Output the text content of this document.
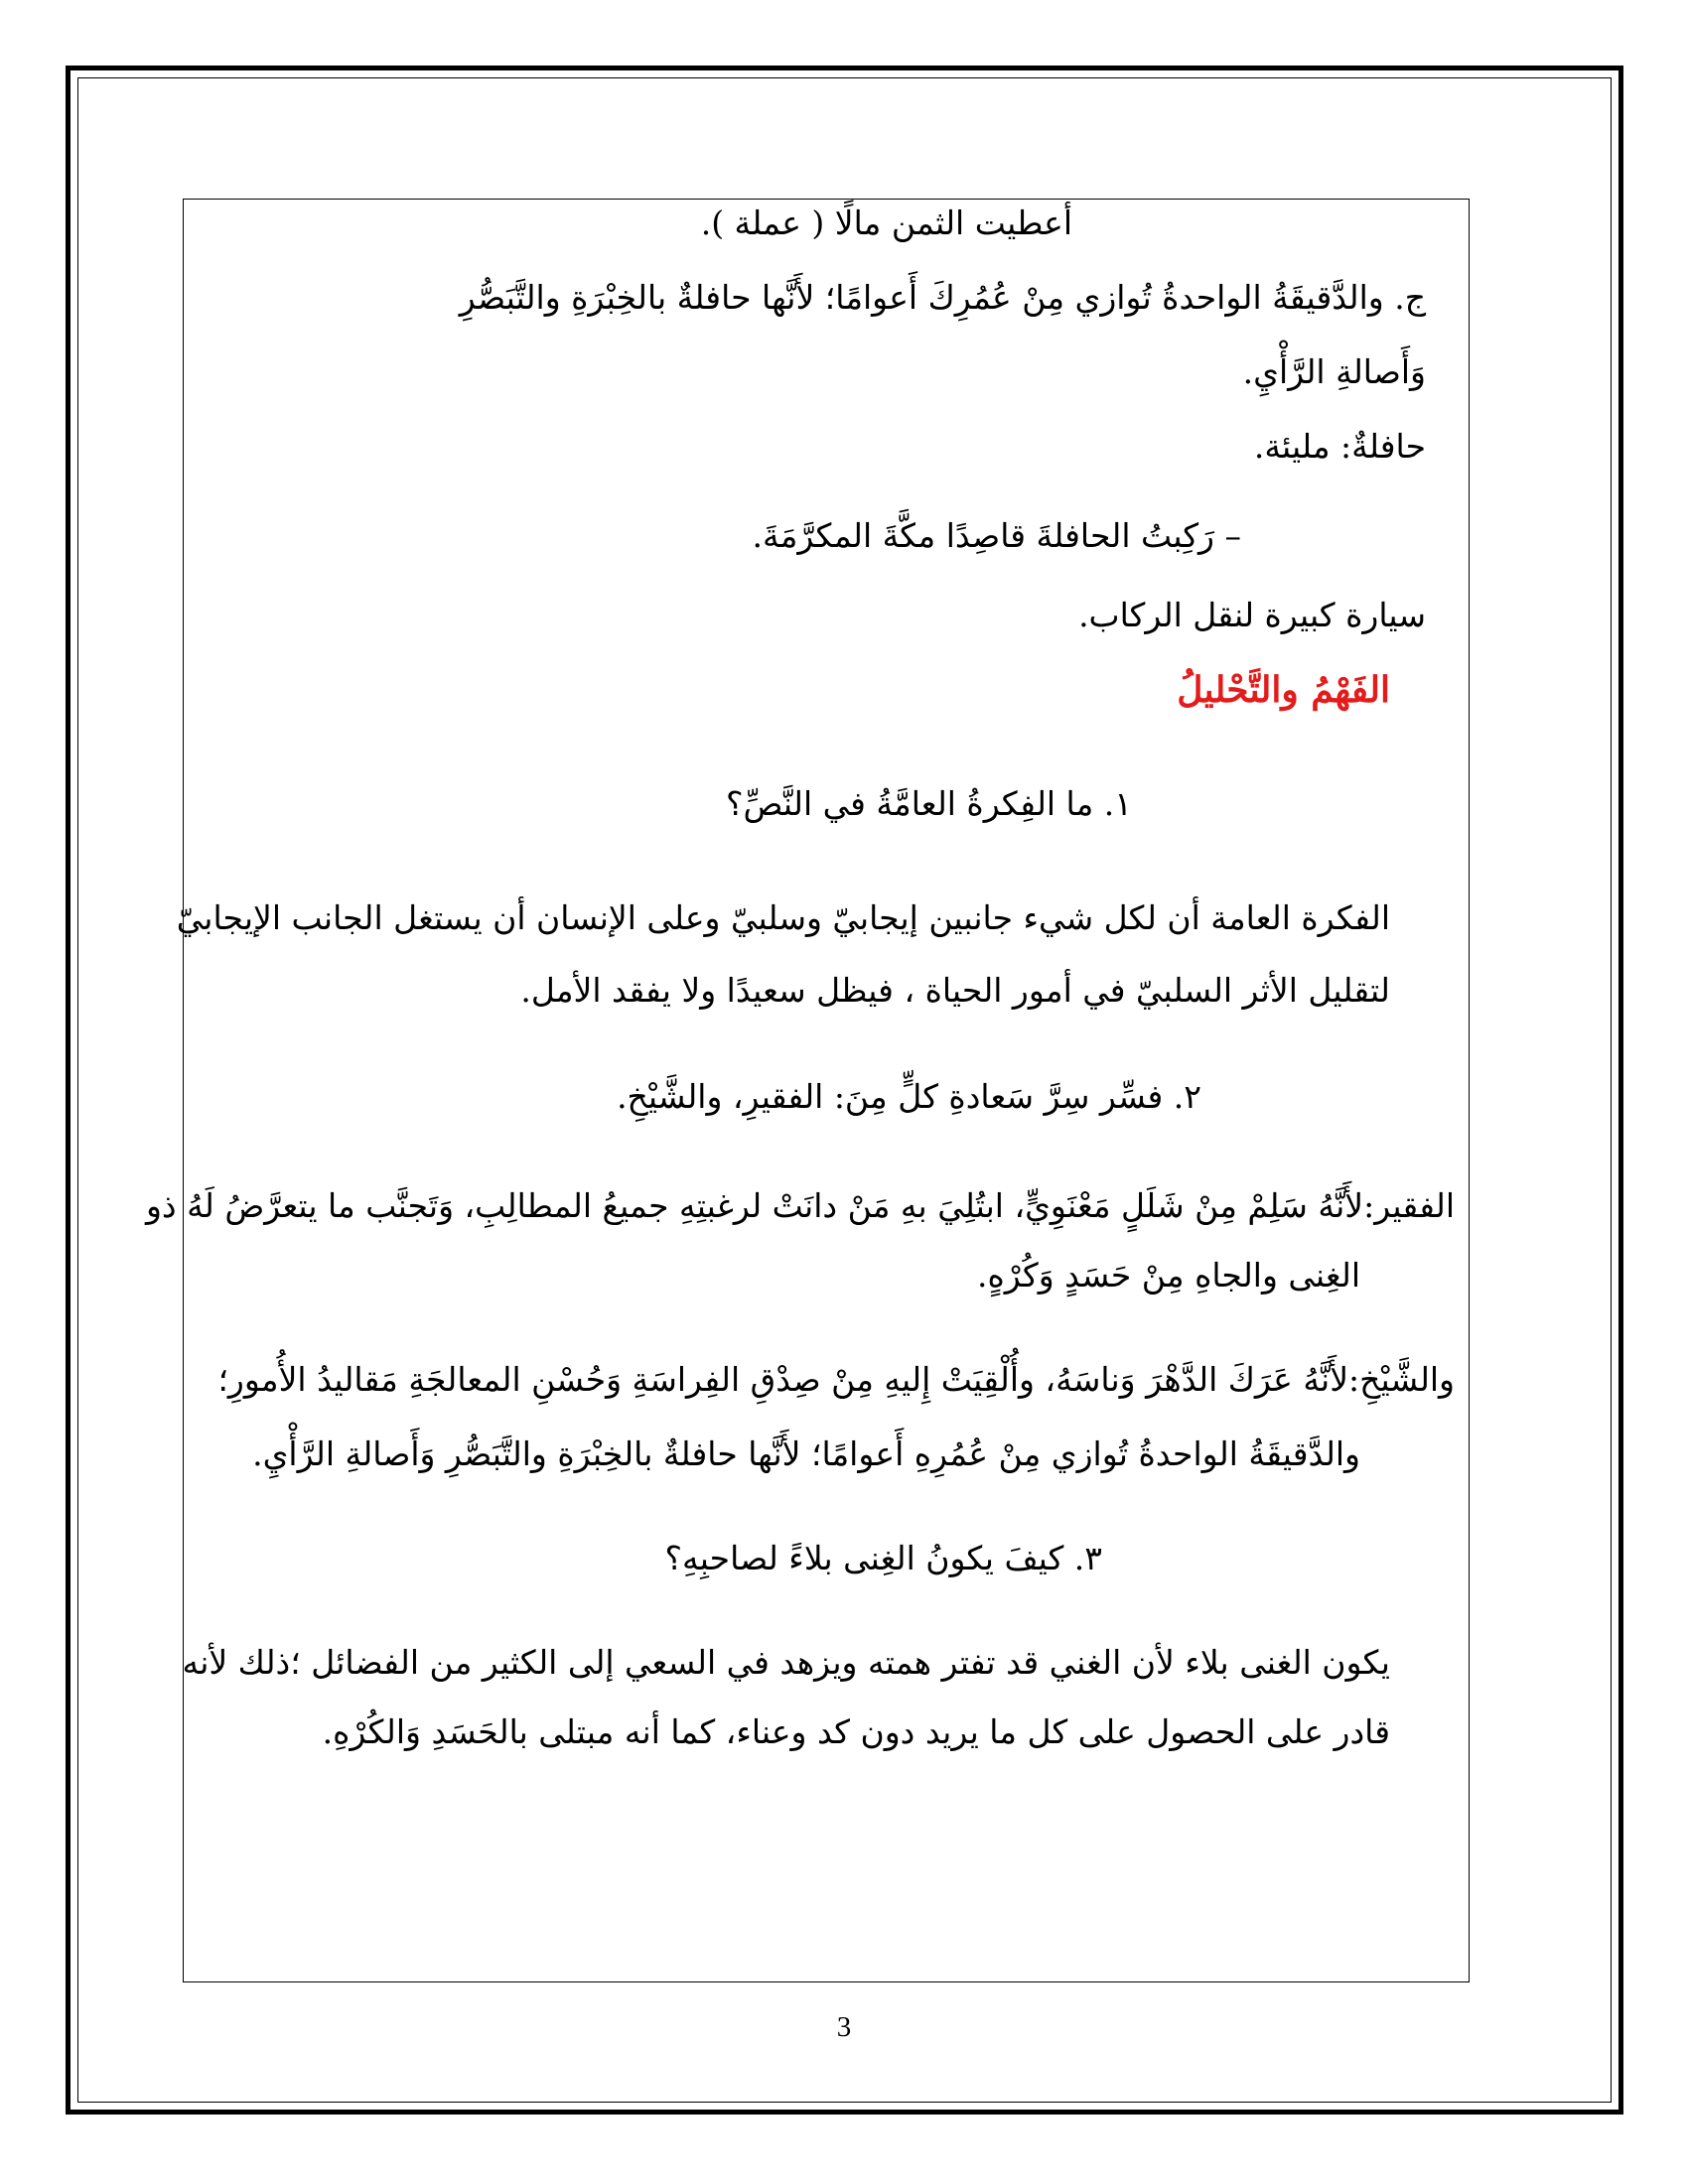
أعطيت الثمن مالًا ( عملة ).
ج. والدَّقيقَةُ الواحدةُ تُوازي مِنْ عُمُرِكَ أَعوامًا؛ لأَنَّها حافلةٌ بالخِبْرَةِ والتَّبَصُّرِ
وَأَصالةِ الرَّأْيِ.
حافلةٌ: مليئة.
– رَكِبتُ الحافلةَ قاصِدًا مكَّةَ المكرَّمَةَ.
سيارة كبيرة لنقل الركاب.
الفَهْمُ والتَّحْليلُ
١. ما الفِكرةُ العامَّةُ في النَّصِّ؟
الفكرة العامة أن لكل شيء جانبين إيجابيّ وسلبيّ وعلى الإنسان أن يستغل الجانب الإيجابيّ
لتقليل الأثر السلبيّ في أمور الحياة ، فيظل سعيدًا ولا يفقد الأمل.
٢. فسِّر سِرَّ سَعادةِ كلٍّ مِنَ: الفقيرِ، والشَّيْخِ.
الفقير:لأَنَّهُ سَلِمْ مِنْ شَلَلٍ مَعْنَوِيٍّ، ابتُلِيَ بهِ مَنْ دانَتْ لرغبتِهِ جميعُ المطالِبِ، وَتَجنَّب ما يتعرَّضُ لَهُ ذو
الغِنى والجاهِ مِنْ حَسَدٍ وَكُرْهٍ.
والشَّيْخِ:لأَنَّهُ عَرَكَ الدَّهْرَ وَناسَهُ، وأُلْقِيَتْ إِليهِ مِنْ صِدْقِ الفِراسَةِ وَحُسْنِ المعالجَةِ مَقاليدُ الأُمورِ؛
والدَّقيقَةُ الواحدةُ تُوازي مِنْ عُمُرِهِ أَعوامًا؛ لأَنَّها حافلةٌ بالخِبْرَةِ والتَّبَصُّرِ وَأَصالةِ الرَّأْيِ.
٣. كيفَ يكونُ الغِنى بلاءً لصاحبِهِ؟
يكون الغنى بلاء لأن الغني قد تفتر همته ويزهد في السعي إلى الكثير من الفضائل ؛ذلك لأنه
قادر على الحصول على كل ما يريد دون كد وعناء، كما أنه مبتلى بالحَسَدِ وَالكُرْهِ.
3
